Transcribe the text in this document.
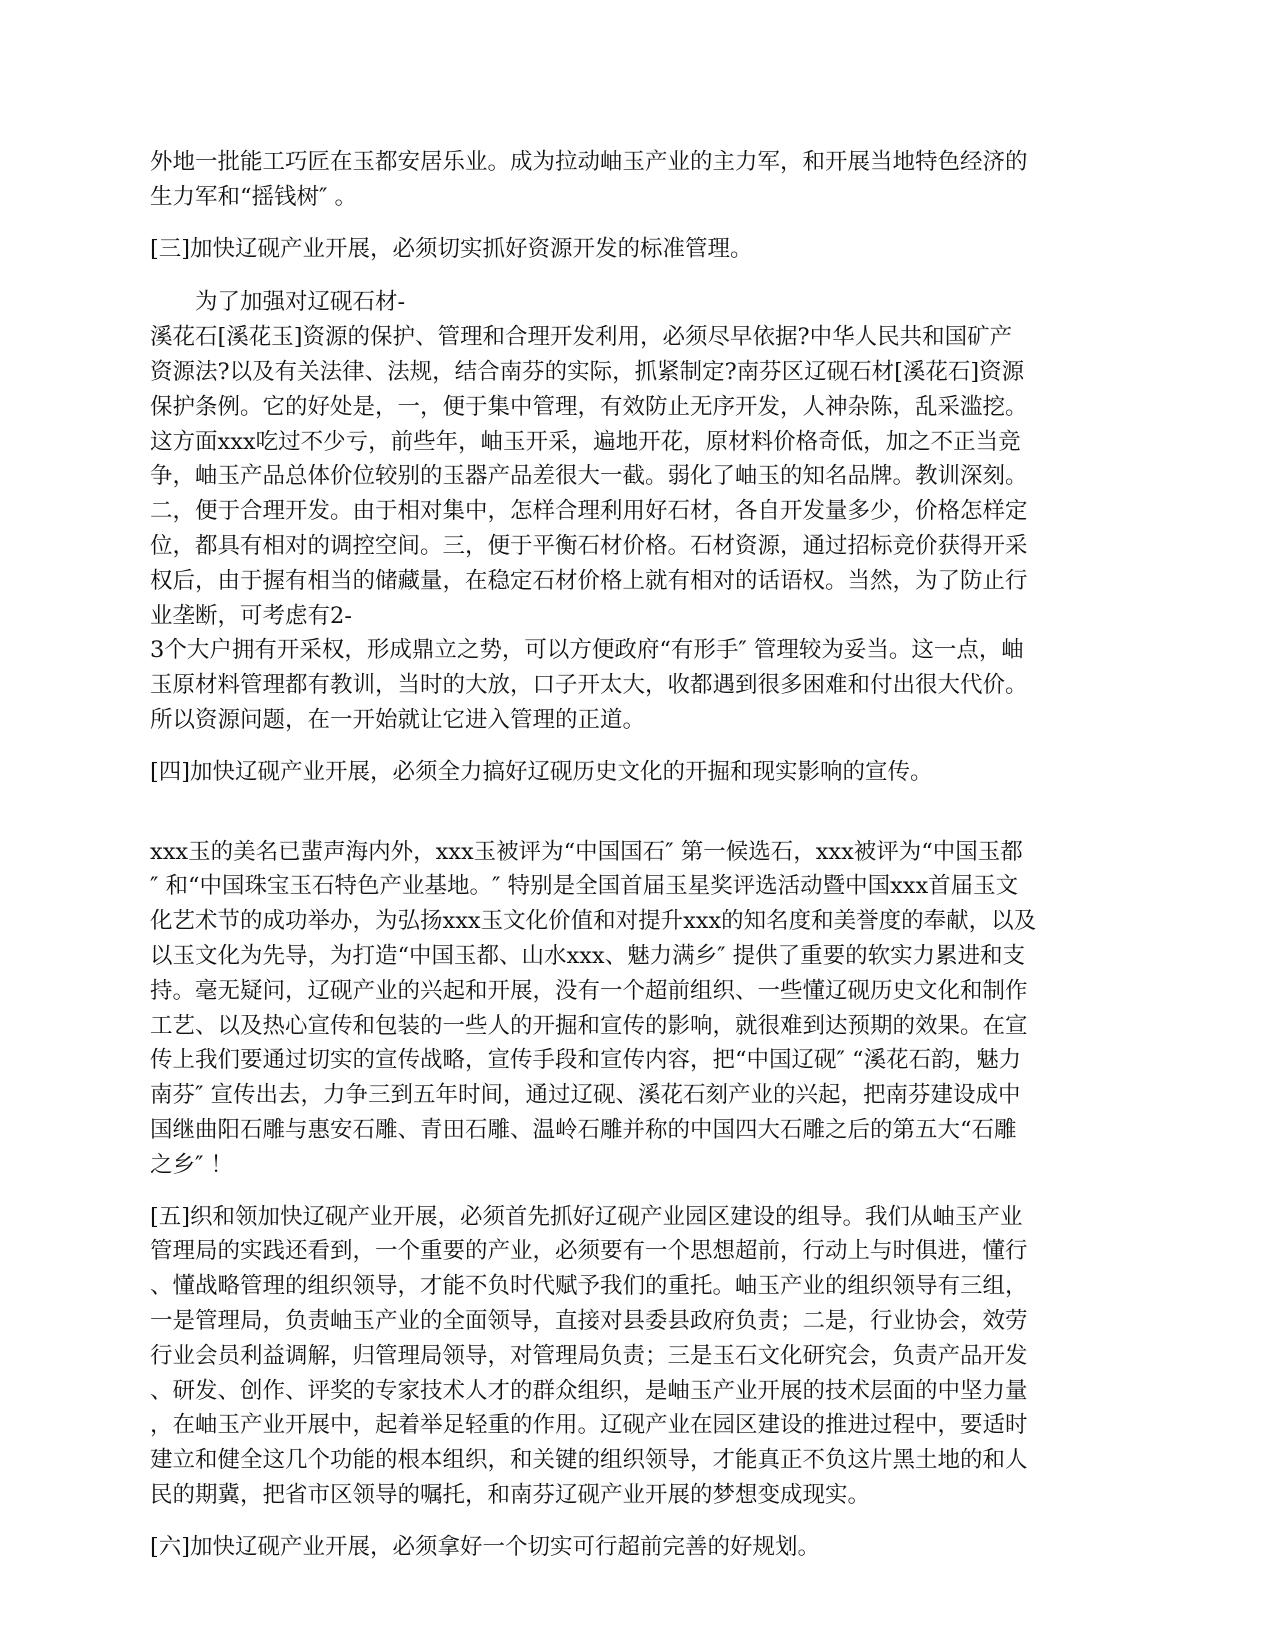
外地一批能工巧匠在玉都安居乐业。成为拉动岫玉产业的主力军，和开展当地特色经济的
生力军和“摇钱树″ 。

[三]加快辽砚产业开展，必须切实抓好资源开发的标准管理。

　　为了加强对辽砚石材-
溪花石[溪花玉]资源的保护、管理和合理开发利用，必须尽早依据?中华人民共和国矿产
资源法?以及有关法律、法规，结合南芬的实际，抓紧制定?南芬区辽砚石材[溪花石]资源
保护条例。它的好处是，一，便于集中管理，有效防止无序开发，人神杂陈，乱采滥挖。
这方面xxx吃过不少亏，前些年，岫玉开采，遍地开花，原材料价格奇低，加之不正当竞
争，岫玉产品总体价位较别的玉器产品差很大一截。弱化了岫玉的知名品牌。教训深刻。
二，便于合理开发。由于相对集中，怎样合理利用好石材，各自开发量多少，价格怎样定
位，都具有相对的调控空间。三，便于平衡石材价格。石材资源，通过招标竞价获得开采
权后，由于握有相当的储藏量，在稳定石材价格上就有相对的话语权。当然，为了防止行
业垄断，可考虑有2-
3个大户拥有开采权，形成鼎立之势，可以方便政府“有形手″ 管理较为妥当。这一点，岫
玉原材料管理都有教训，当时的大放，口子开太大，收都遇到很多困难和付出很大代价。
所以资源问题，在一开始就让它进入管理的正道。

[四]加快辽砚产业开展，必须全力搞好辽砚历史文化的开掘和现实影响的宣传。

xxx玉的美名已蜚声海内外，xxx玉被评为“中国国石″ 第一候选石，xxx被评为“中国玉都
″ 和“中国珠宝玉石特色产业基地。″ 特别是全国首届玉星奖评选活动暨中国xxx首届玉文
化艺术节的成功举办，为弘扬xxx玉文化价值和对提升xxx的知名度和美誉度的奉献，以及
以玉文化为先导，为打造“中国玉都、山水xxx、魅力满乡″ 提供了重要的软实力累进和支
持。毫无疑问，辽砚产业的兴起和开展，没有一个超前组织、一些懂辽砚历史文化和制作
工艺、以及热心宣传和包装的一些人的开掘和宣传的影响，就很难到达预期的效果。在宣
传上我们要通过切实的宣传战略，宣传手段和宣传内容，把“中国辽砚″ “溪花石韵，魅力
南芬″ 宣传出去，力争三到五年时间，通过辽砚、溪花石刻产业的兴起，把南芬建设成中
国继曲阳石雕与惠安石雕、青田石雕、温岭石雕并称的中国四大石雕之后的第五大“石雕
之乡″ ！

[五]织和领加快辽砚产业开展，必须首先抓好辽砚产业园区建设的组导。我们从岫玉产业
管理局的实践还看到，一个重要的产业，必须要有一个思想超前，行动上与时俱进，懂行
、懂战略管理的组织领导，才能不负时代赋予我们的重托。岫玉产业的组织领导有三组，
一是管理局，负责岫玉产业的全面领导，直接对县委县政府负责；二是，行业协会，效劳
行业会员利益调解，归管理局领导，对管理局负责；三是玉石文化研究会，负责产品开发
、研发、创作、评奖的专家技术人才的群众组织，是岫玉产业开展的技术层面的中坚力量
，在岫玉产业开展中，起着举足轻重的作用。辽砚产业在园区建设的推进过程中，要适时
建立和健全这几个功能的根本组织，和关键的组织领导，才能真正不负这片黑土地的和人
民的期冀，把省市区领导的嘱托，和南芬辽砚产业开展的梦想变成现实。

[六]加快辽砚产业开展，必须拿好一个切实可行超前完善的好规划。
